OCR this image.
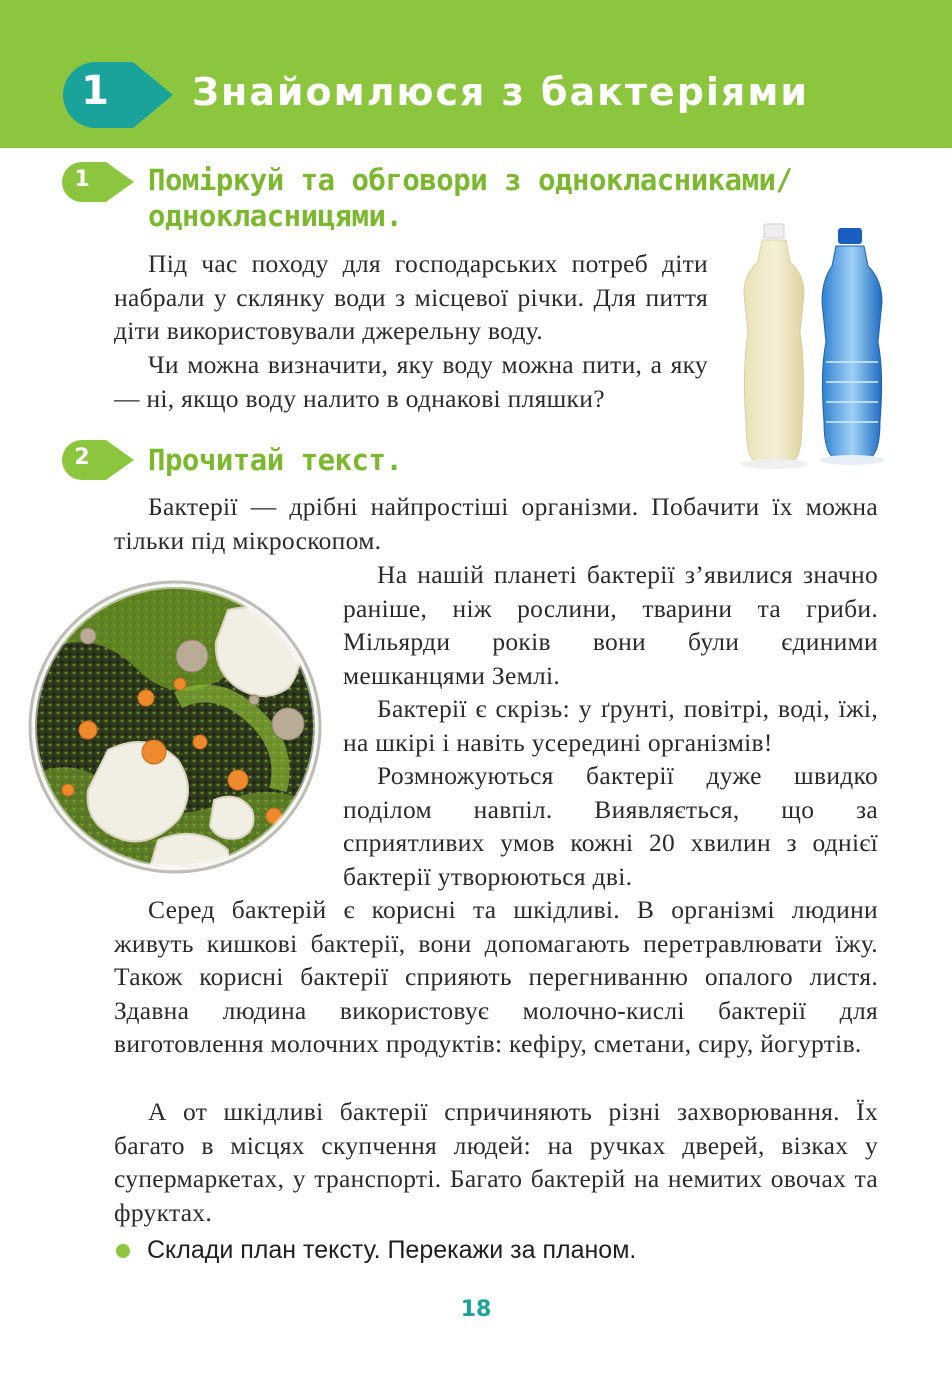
1	Знайомлюся з бактеріями
1	Поміркуй та обговори з однокласниками/
однокласницями.

Під час походу для господарських потреб діти набрали у склянку води з місцевої річки. Для пиття діти використовували джерельну воду.

Чи можна визначити, яку воду можна пити, а яку — ні, якщо воду налито в однакові пляшки?

2	Прочитай текст.

Бактерії — дрібні найпростіші організми. Побачити їх можна тільки під мікроскопом.

На нашій планеті бактерії з’явилися значно раніше, ніж рослини, тварини та гриби. Мільярди років вони були єдиними мешканцями Землі.

Бактерії є скрізь: у ґрунті, повітрі, воді, їжі, на шкірі і навіть усередині організмів!

Розмножуються бактерії дуже швидко поділом навпіл. Виявляється, що за сприятливих умов кожні 20 хвилин з однієї бактерії утворюються дві.

Серед бактерій є корисні та шкідливі. В організмі людини живуть кишкові бактерії, вони допомагають перетравлювати їжу. Також корисні бактерії сприяють перегниванню опалого листя. Здавна людина використовує молочно-кислі бактерії для виготовлення молочних продуктів: кефіру, сметани, сиру, йогуртів.

А от шкідливі бактерії спричиняють різні захворювання. Їх багато в місцях скупчення людей: на ручках дверей, візках у супермаркетах, у транспорті. Багато бактерій на немитих овочах та фруктах.

Склади план тексту. Перекажи за планом.
18
